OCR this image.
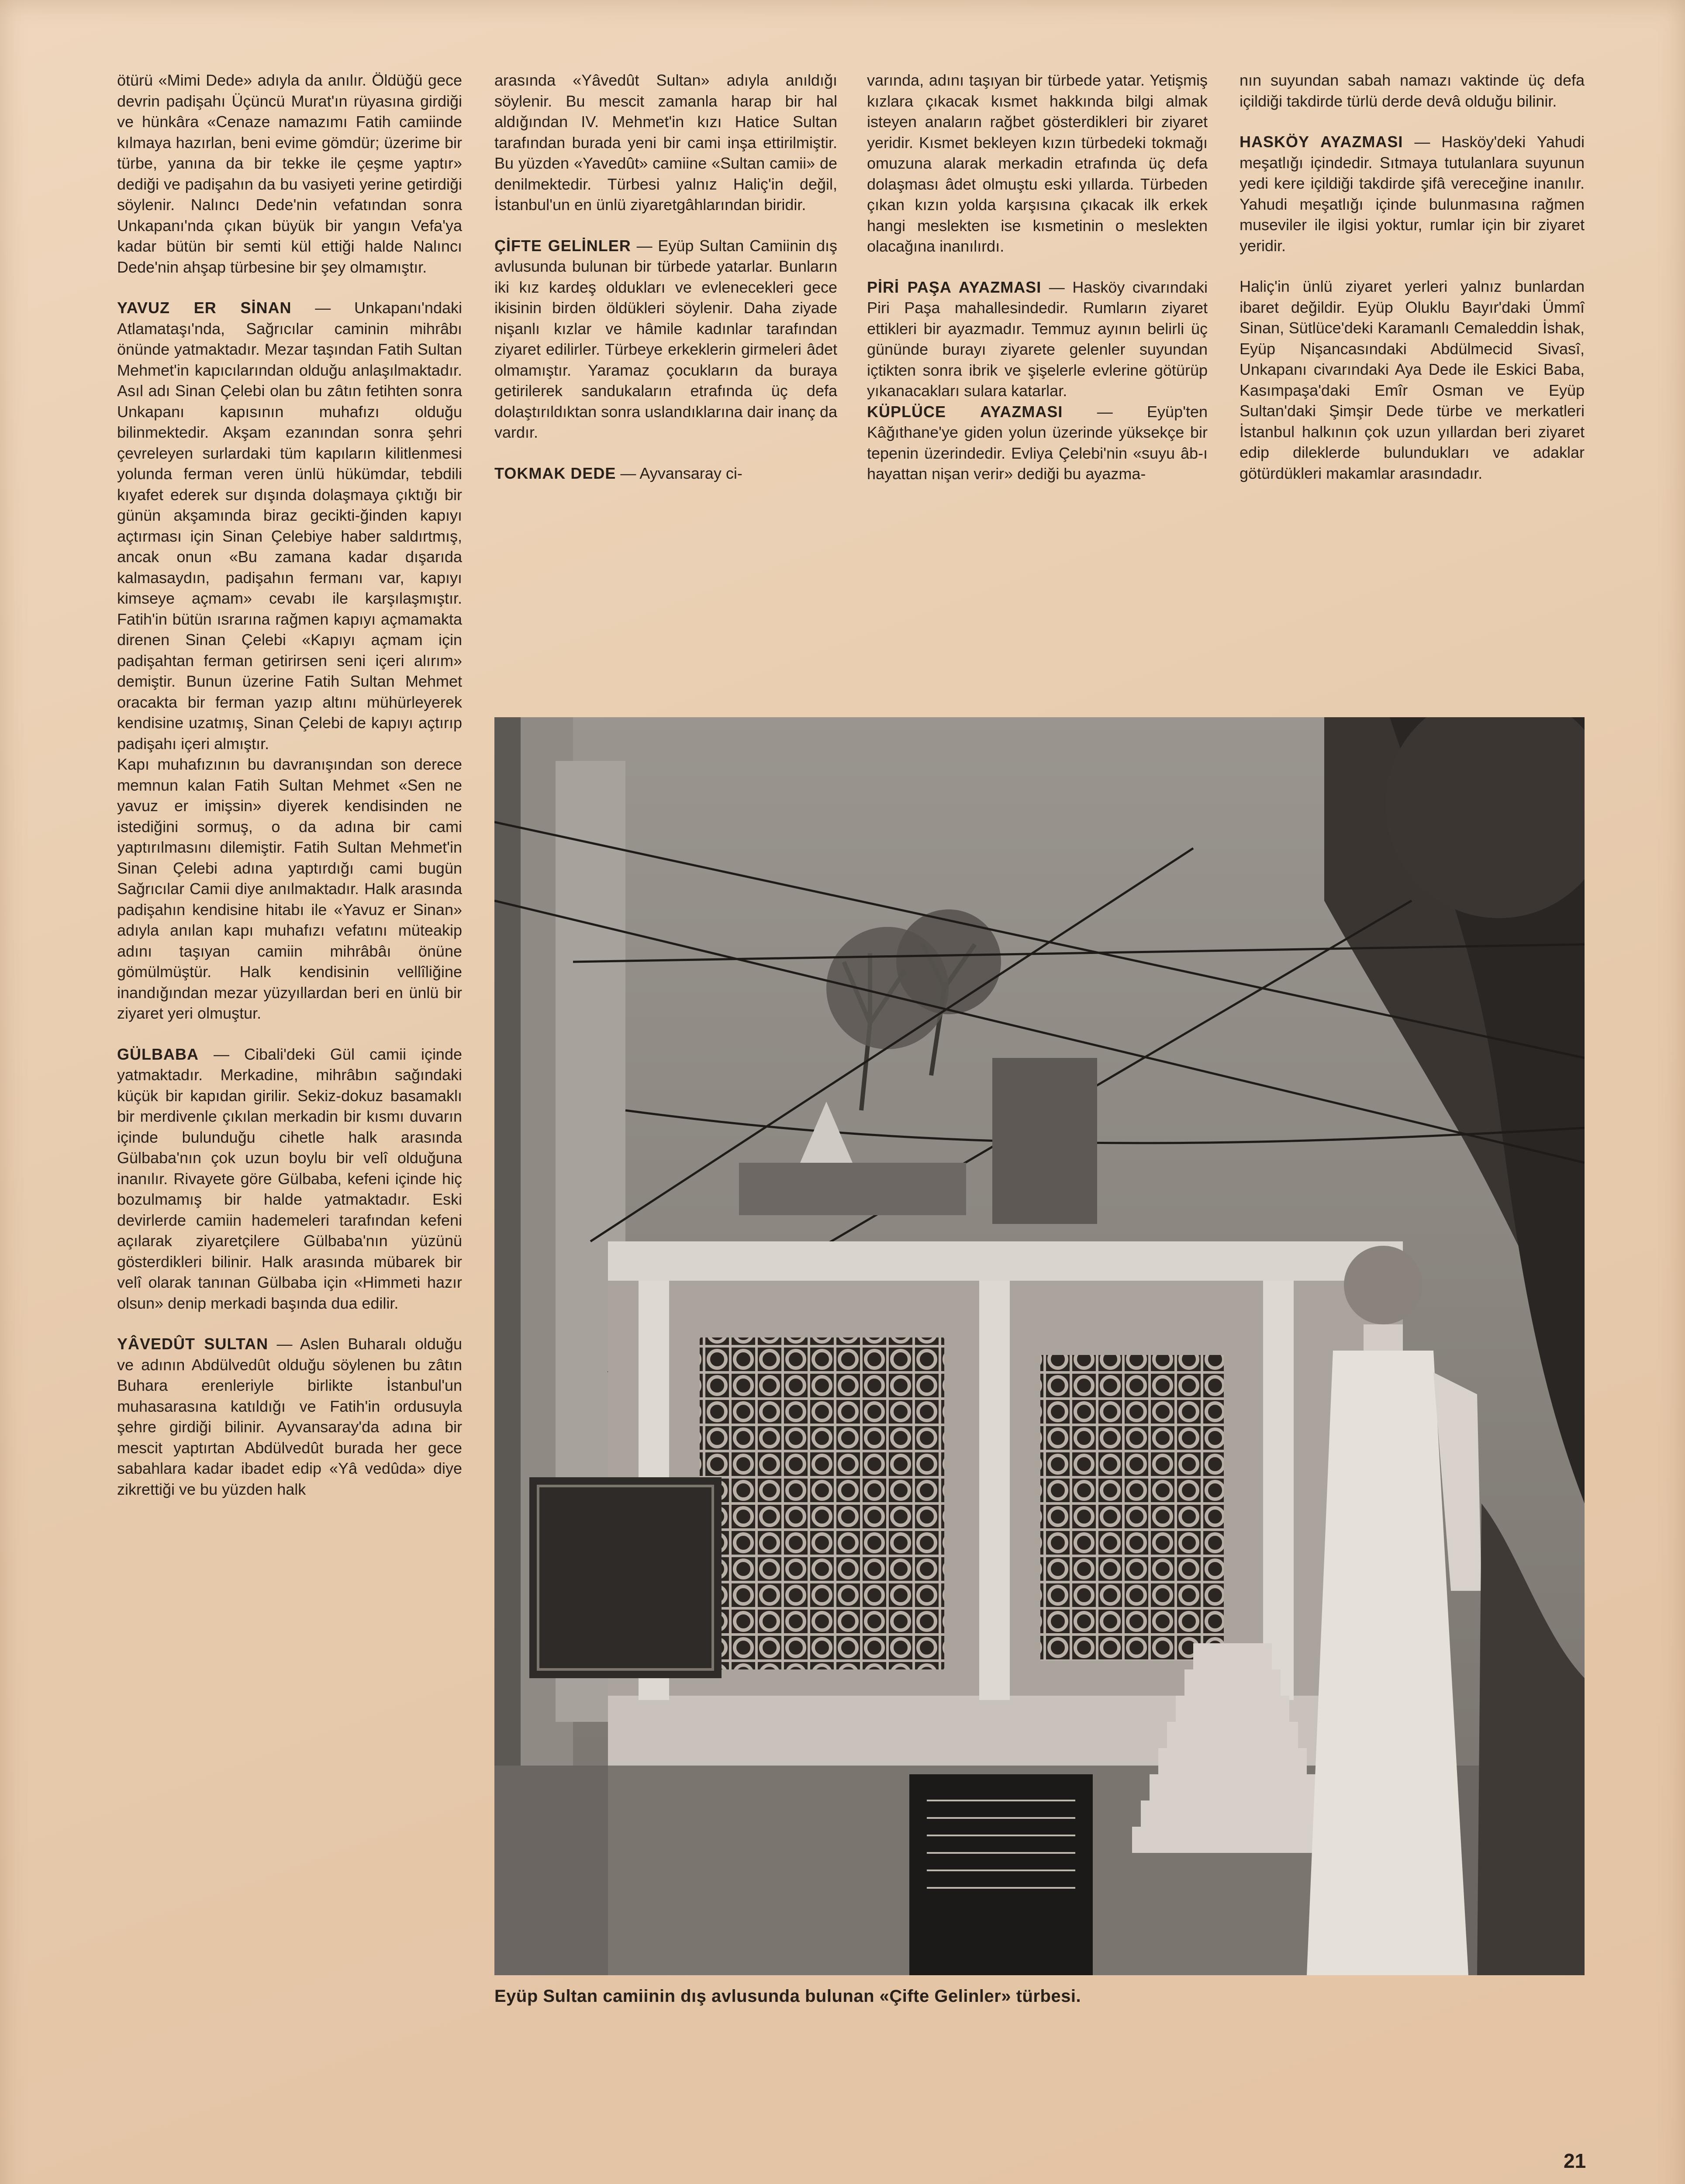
ötürü «Mimi Dede» adıyla da anılır. Öldüğü gece devrin padişahı Üçüncü Murat'ın rüyasına girdiği ve hünkâra «Cenaze namazımı Fatih camiinde kılmaya hazırlan, beni evime gömdür; üzerime bir türbe, yanına da bir tekke ile çeşme yaptır» dediği ve padişahın da bu vasiyeti yerine getirdiği söylenir. Nalıncı Dede'nin vefatından sonra Unkapanı'nda çıkan büyük bir yangın Vefa'ya kadar bütün bir semti kül ettiği halde Nalıncı Dede'nin ahşap türbesine bir şey olmamıştır.

YAVUZ ER SİNAN — Unkapanı'ndaki Atlamataşı'nda, Sağrıcılar caminin mihrâbı önünde yatmaktadır. Mezar taşından Fatih Sultan Mehmet'in kapıcılarından olduğu anlaşılmaktadır. Asıl adı Sinan Çelebi olan bu zâtın fetihten sonra Unkapanı kapısının muhafızı olduğu bilinmektedir. Akşam ezanından sonra şehri çevreleyen surlardaki tüm kapıların kilitlenmesi yolunda ferman veren ünlü hükümdar, tebdili kıyafet ederek sur dışında dolaşmaya çıktığı bir günün akşamında biraz gecikti-ğinden kapıyı açtırması için Sinan Çelebiye haber saldırtmış, ancak onun «Bu zamana kadar dışarıda kalmasaydın, padişahın fermanı var, kapıyı kimseye açmam» cevabı ile karşılaşmıştır. Fatih'in bütün ısrarına rağmen kapıyı açmamakta direnen Sinan Çelebi «Kapıyı açmam için padişahtan ferman getirirsen seni içeri alırım» demiştir. Bunun üzerine Fatih Sultan Mehmet oracakta bir ferman yazıp altını mühürleyerek kendisine uzatmış, Sinan Çelebi de kapıyı açtırıp padişahı içeri almıştır.

Kapı muhafızının bu davranışından son derece memnun kalan Fatih Sultan Mehmet «Sen ne yavuz er imişsin» diyerek kendisinden ne istediğini sormuş, o da adına bir cami yaptırılmasını dilemiştir. Fatih Sultan Mehmet'in Sinan Çelebi adına yaptırdığı cami bugün Sağrıcılar Camii diye anılmaktadır. Halk arasında padişahın kendisine hitabı ile «Yavuz er Sinan» adıyla anılan kapı muhafızı vefatını müteakip adını taşıyan camiin mihrâbâı önüne gömülmüştür. Halk kendisinin vellîliğine inandığından mezar yüzyıllardan beri en ünlü bir ziyaret yeri olmuştur.

GÜLBABA — Cibali'deki Gül camii içinde yatmaktadır. Merkadine, mihrâbın sağındaki küçük bir kapıdan girilir. Sekiz-dokuz basamaklı bir merdivenle çıkılan merkadin bir kısmı duvarın içinde bulunduğu cihetle halk arasında Gülbaba'nın çok uzun boylu bir velî olduğuna inanılır. Rivayete göre Gülbaba, kefeni içinde hiç bozulmamış bir halde yatmaktadır. Eski devirlerde camiin hademeleri tarafından kefeni açılarak ziyaretçilere Gülbaba'nın yüzünü gösterdikleri bilinir. Halk arasında mübarek bir velî olarak tanınan Gülbaba için «Himmeti hazır olsun» denip merkadi başında dua edilir.

YÂVEDÛT SULTAN — Aslen Buharalı olduğu ve adının Abdülvedût olduğu söylenen bu zâtın Buhara erenleriyle birlikte İstanbul'un muhasarasına katıldığı ve Fatih'in ordusuyla şehre girdiği bilinir. Ayvansaray'da adına bir mescit yaptırtan Abdülvedût burada her gece sabahlara kadar ibadet edip «Yâ vedûda» diye zikrettiği ve bu yüzden halk

arasında «Yâvedût Sultan» adıyla anıldığı söylenir. Bu mescit zamanla harap bir hal aldığından IV. Mehmet'in kızı Hatice Sultan tarafından burada yeni bir cami inşa ettirilmiştir. Bu yüzden «Yavedût» camiine «Sultan camii» de denilmektedir. Türbesi yalnız Haliç'in değil, İstanbul'un en ünlü ziyaretgâhlarından biridir.

ÇİFTE GELİNLER — Eyüp Sultan Camiinin dış avlusunda bulunan bir türbede yatarlar. Bunların iki kız kardeş oldukları ve evlenecekleri gece ikisinin birden öldükleri söylenir. Daha ziyade nişanlı kızlar ve hâmile kadınlar tarafından ziyaret edilirler. Türbeye erkeklerin girmeleri âdet olmamıştır. Yaramaz çocukların da buraya getirilerek sandukaların etrafında üç defa dolaştırıldıktan sonra uslandıklarına dair inanç da vardır.

TOKMAK DEDE — Ayvansaray ci-

varında, adını taşıyan bir türbede yatar. Yetişmiş kızlara çıkacak kısmet hakkında bilgi almak isteyen anaların rağbet gösterdikleri bir ziyaret yeridir. Kısmet bekleyen kızın türbedeki tokmağı omuzuna alarak merkadin etrafında üç defa dolaşması âdet olmuştu eski yıllarda. Türbeden çıkan kızın yolda karşısına çıkacak ilk erkek hangi meslekten ise kısmetinin o meslekten olacağına inanılırdı.

PİRİ PAŞA AYAZMASI — Hasköy civarındaki Piri Paşa mahallesindedir. Rumların ziyaret ettikleri bir ayazmadır. Temmuz ayının belirli üç gününde burayı ziyarete gelenler suyundan içtikten sonra ibrik ve şişelerle evlerine götürüp yıkanacakları sulara katarlar.

KÜPLÜCE AYAZMASI — Eyüp'ten Kâğıthane'ye giden yolun üzerinde yüksekçe bir tepenin üzerindedir. Evliya Çelebi'nin «suyu âb-ı hayattan nişan verir» dediği bu ayazma-

nın suyundan sabah namazı vaktinde üç defa içildiği takdirde türlü derde devâ olduğu bilinir.

HASKÖY AYAZMASI — Hasköy'deki Yahudi meşatlığı içindedir. Sıtmaya tutulanlara suyunun yedi kere içildiği takdirde şifâ vereceğine inanılır. Yahudi meşatlığı içinde bulunmasına rağmen museviler ile ilgisi yoktur, rumlar için bir ziyaret yeridir.

Haliç'in ünlü ziyaret yerleri yalnız bunlardan ibaret değildir. Eyüp Oluklu Bayır'daki Ümmî Sinan, Sütlüce'deki Karamanlı Cemaleddin İshak, Eyüp Nişancasındaki Abdülmecid Sivasî, Unkapanı civarındaki Aya Dede ile Eskici Baba, Kasımpaşa'daki Emîr Osman ve Eyüp Sultan'daki Şimşir Dede türbe ve merkatleri İstanbul halkının çok uzun yıllardan beri ziyaret edip dileklerde bulundukları ve adaklar götürdükleri makamlar arasındadır.

Eyüp Sultan camiinin dış avlusunda bulunan «Çifte Gelinler» türbesi.
21
